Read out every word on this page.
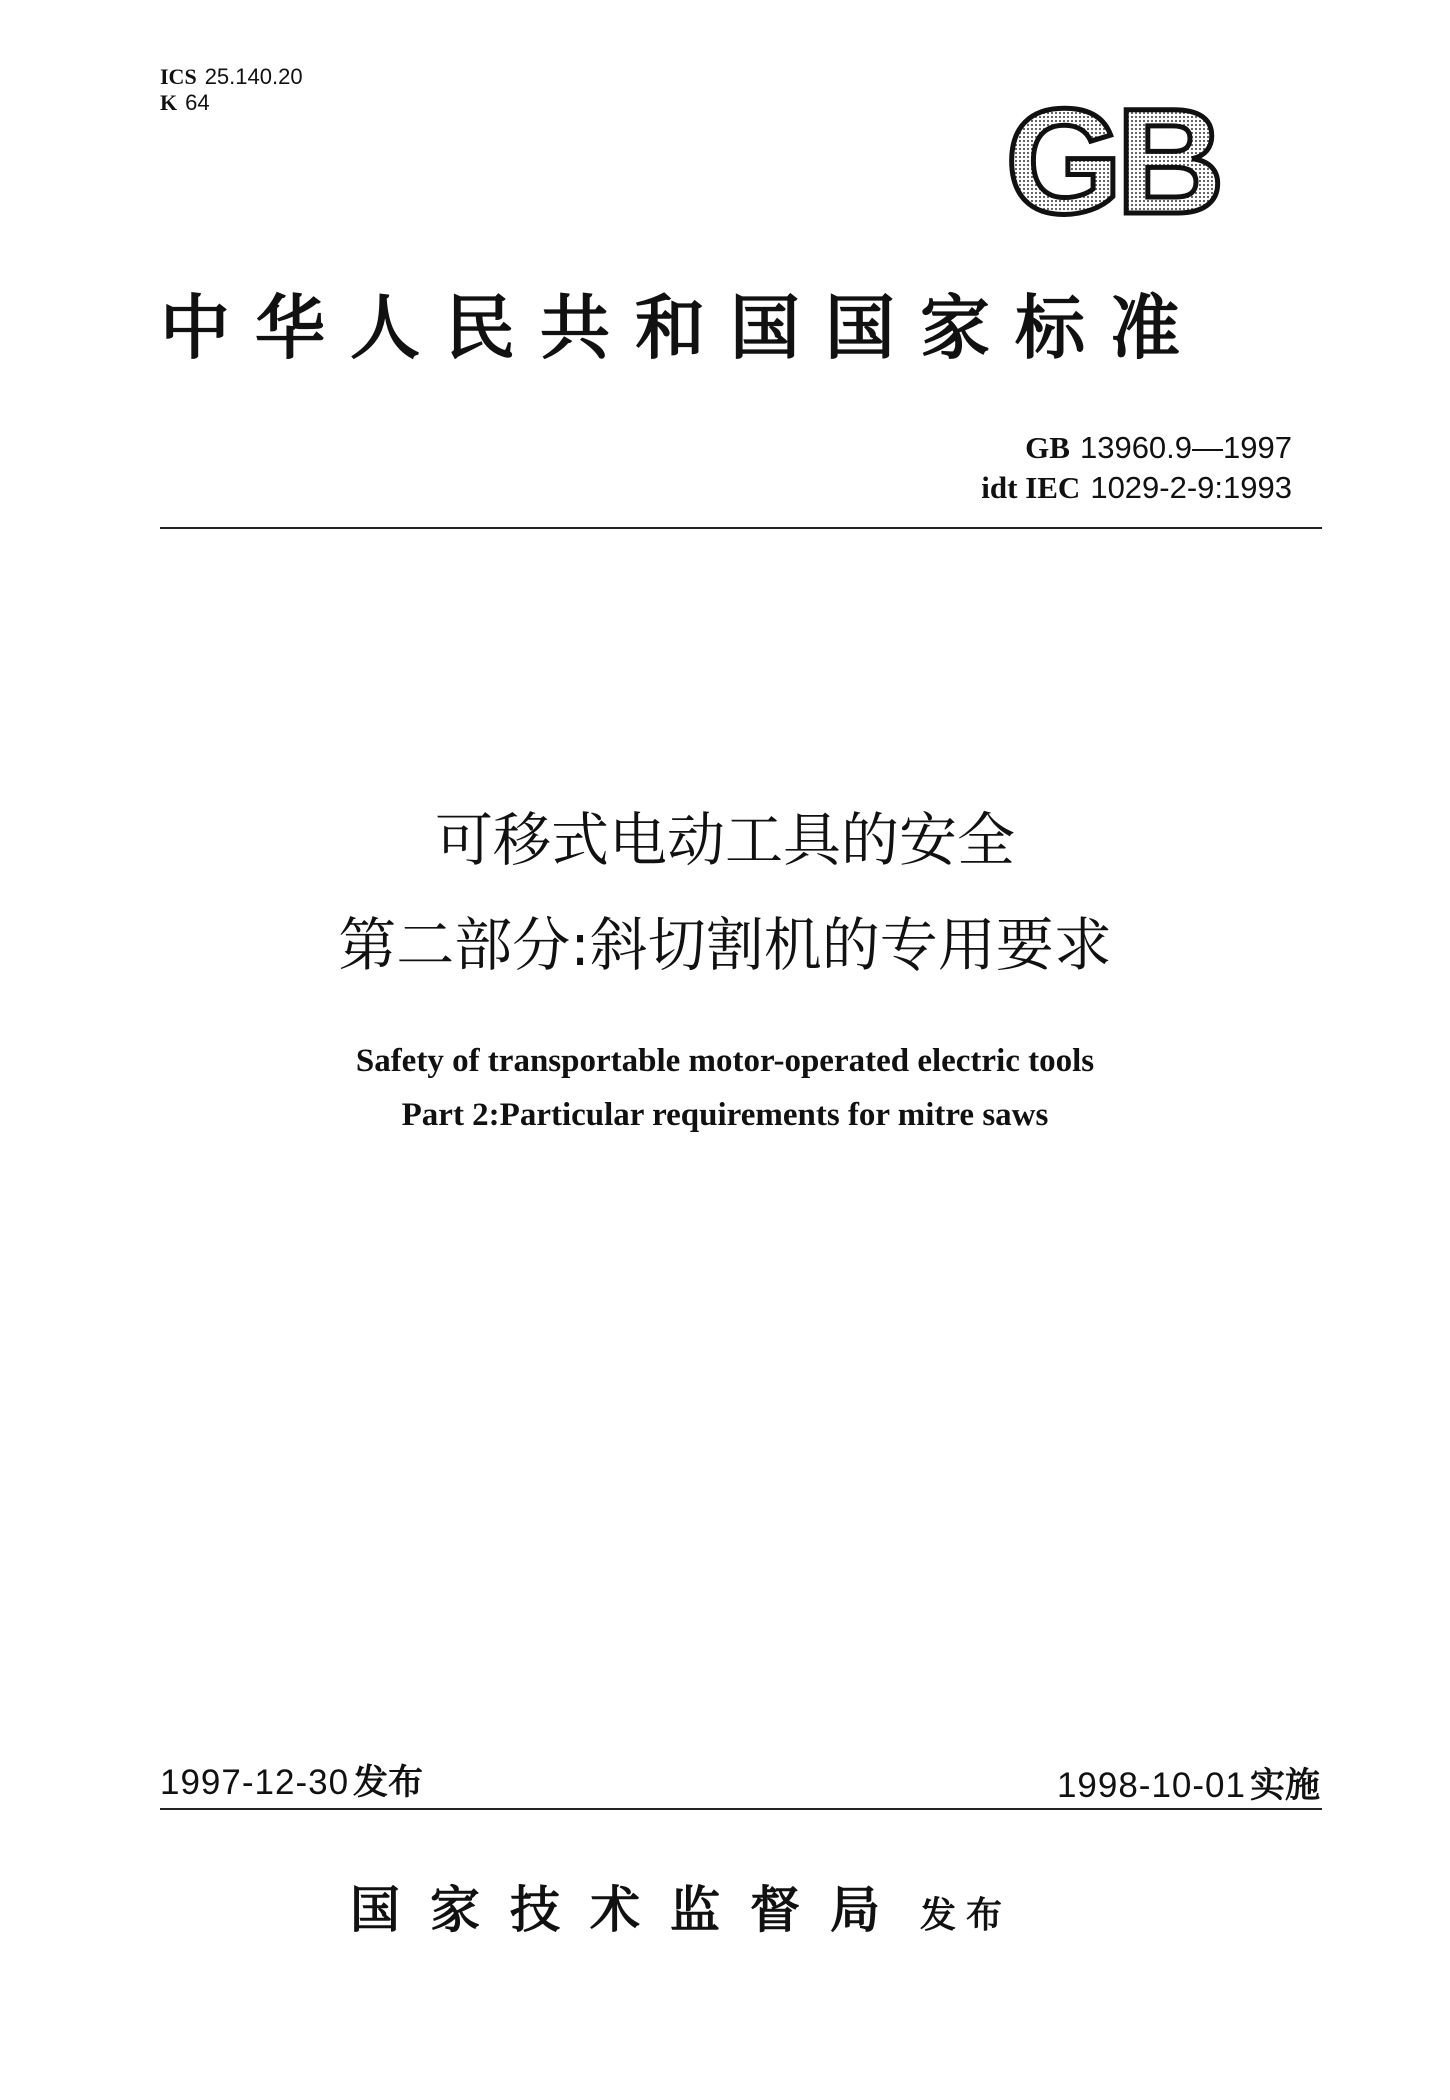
ICS 25.140.20
K 64	GB
中华人民共和国国家标准
GB 13960.9—1997
idt IEC 1029-2-9:1993
可移式电动工具的安全
第二部分:斜切割机的专用要求
Safety of transportable motor-operated electric tools
Part 2:Particular requirements for mitre saws
1997-12-30 发布	1998-10-01 实施
国家技术监督局 发布
